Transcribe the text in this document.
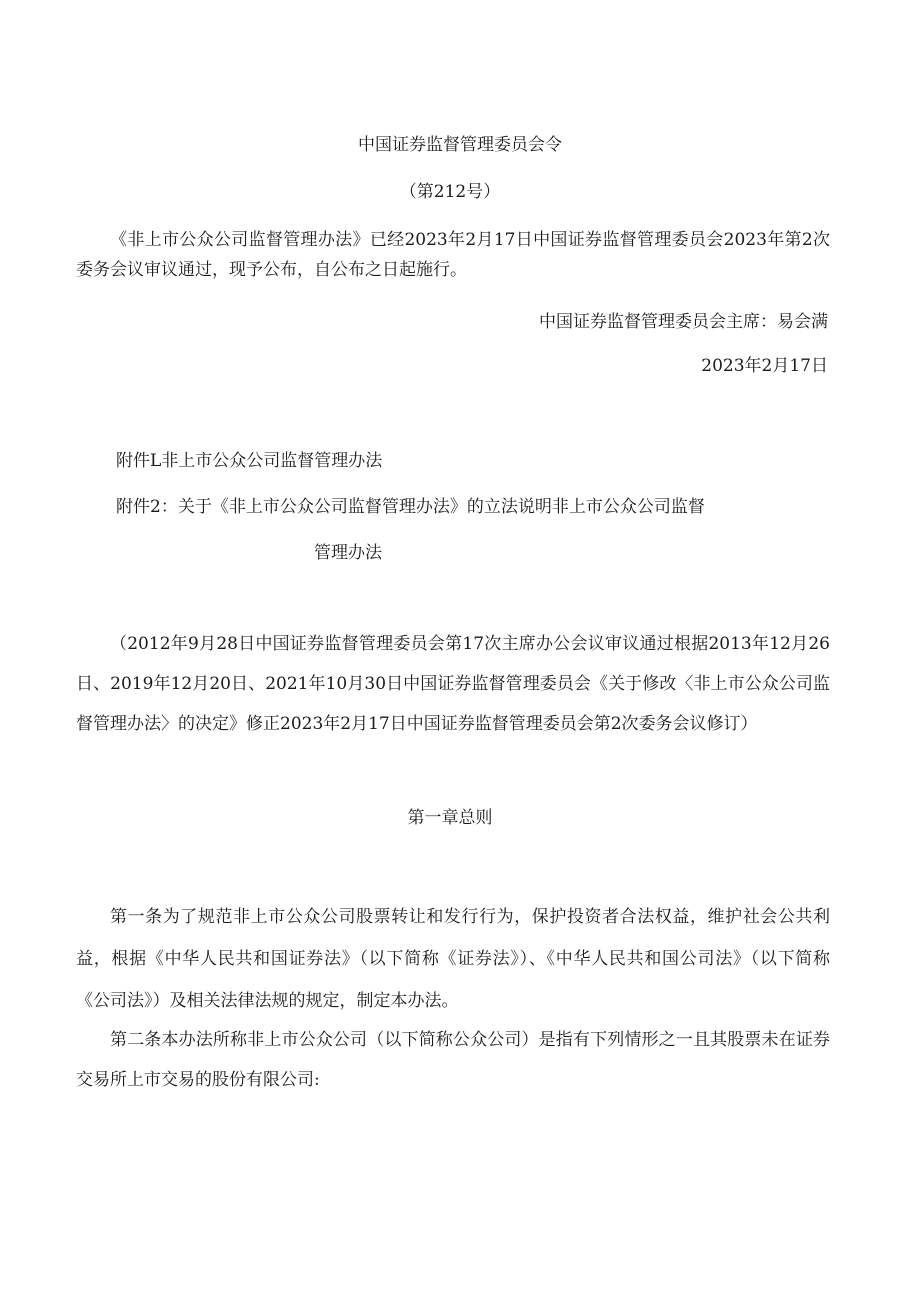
中国证券监督管理委员会令
（第212号）
《非上市公众公司监督管理办法》已经2023年2月17日中国证券监督管理委员会2023年第2次委务会议审议通过，现予公布，自公布之日起施行。
中国证券监督管理委员会主席：易会满
2023年2月17日
附件L非上市公众公司监督管理办法
附件2：关于《非上市公众公司监督管理办法》的立法说明非上市公众公司监督
管理办法
（2012年9月28日中国证券监督管理委员会第17次主席办公会议审议通过根据2013年12月26日、2019年12月20日、2021年10月30日中国证券监督管理委员会《关于修改〈非上市公众公司监督管理办法〉的决定》修正2023年2月17日中国证券监督管理委员会第2次委务会议修订）
第一章总则
第一条为了规范非上市公众公司股票转让和发行行为，保护投资者合法权益，维护社会公共利益，根据《中华人民共和国证券法》（以下简称《证券法》）、《中华人民共和国公司法》（以下简称《公司法》）及相关法律法规的规定，制定本办法。
第二条本办法所称非上市公众公司（以下简称公众公司）是指有下列情形之一且其股票未在证券交易所上市交易的股份有限公司:
